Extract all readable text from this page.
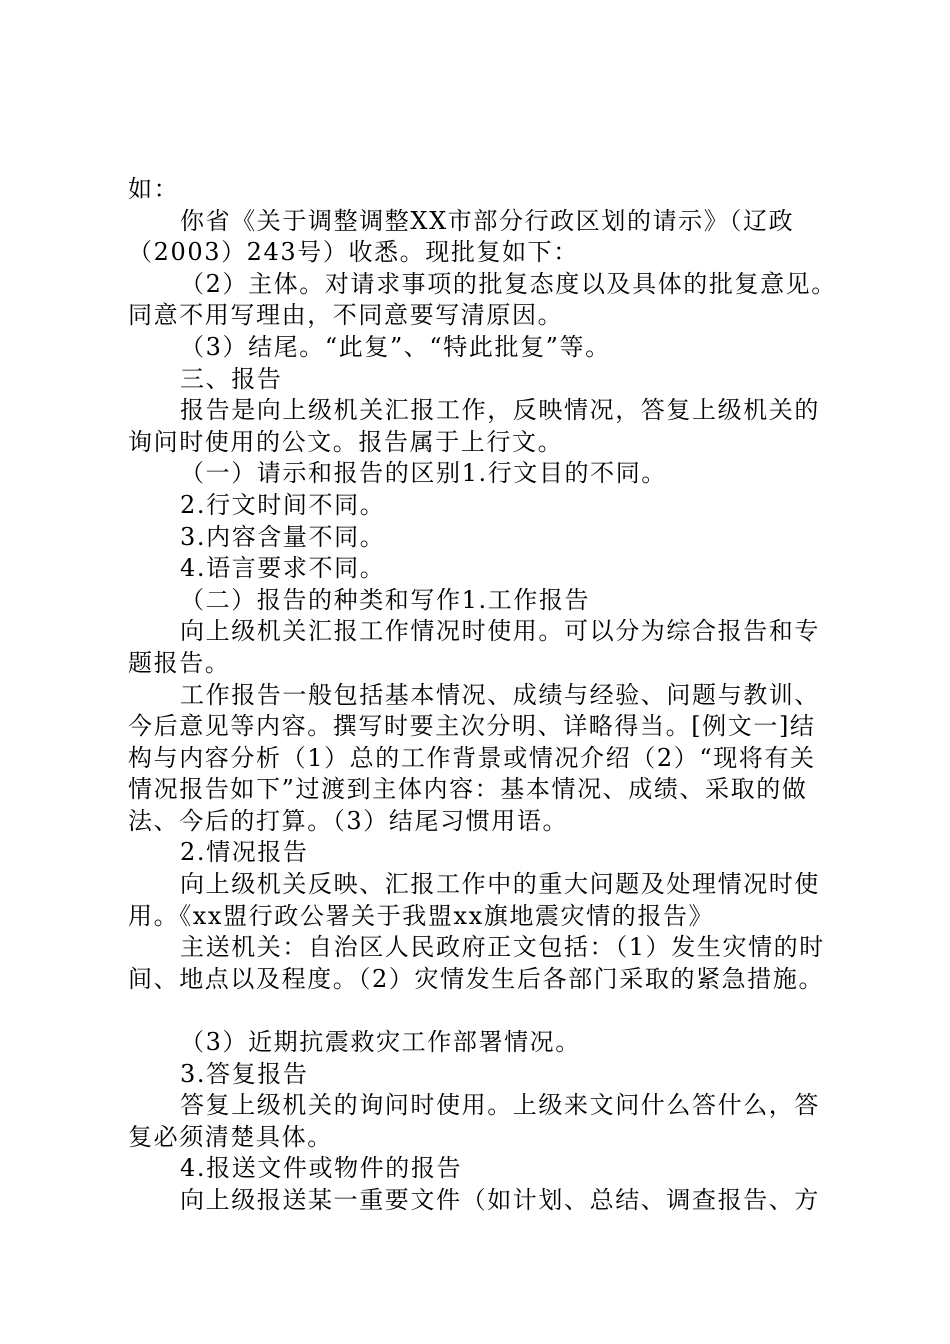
如：
你省《关于调整调整XX市部分行政区划的请示》（辽政
（2003）243号）收悉。现批复如下：
（2）主体。对请求事项的批复态度以及具体的批复意见。
同意不用写理由，不同意要写清原因。
（3）结尾。“此复”、“特此批复”等。
三、报告
报告是向上级机关汇报工作，反映情况，答复上级机关的
询问时使用的公文。报告属于上行文。
（一）请示和报告的区别1.行文目的不同。
2.行文时间不同。
3.内容含量不同。
4.语言要求不同。
（二）报告的种类和写作1.工作报告
向上级机关汇报工作情况时使用。可以分为综合报告和专
题报告。
工作报告一般包括基本情况、成绩与经验、问题与教训、
今后意见等内容。撰写时要主次分明、详略得当。[例文一]结
构与内容分析（1）总的工作背景或情况介绍（2）“现将有关
情况报告如下”过渡到主体内容：基本情况、成绩、采取的做
法、今后的打算。（3）结尾习惯用语。
2.情况报告
向上级机关反映、汇报工作中的重大问题及处理情况时使
用。《xx盟行政公署关于我盟xx旗地震灾情的报告》
主送机关：自治区人民政府正文包括：（1）发生灾情的时
间、地点以及程度。（2）灾情发生后各部门采取的紧急措施。
（3）近期抗震救灾工作部署情况。
3.答复报告
答复上级机关的询问时使用。上级来文问什么答什么，答
复必须清楚具体。
4.报送文件或物件的报告
向上级报送某一重要文件（如计划、总结、调查报告、方
